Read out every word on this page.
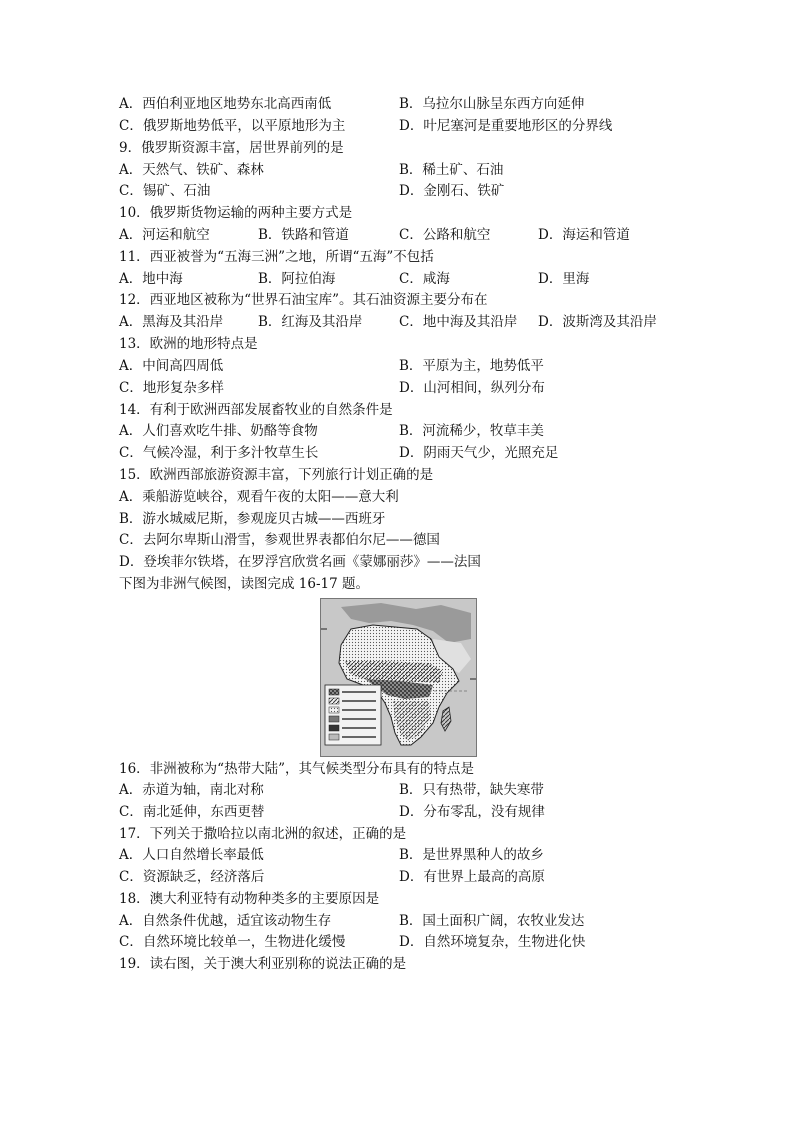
A．西伯利亚地区地势东北高西南低	B．乌拉尔山脉呈东西方向延伸
C．俄罗斯地势低平，以平原地形为主	D．叶尼塞河是重要地形区的分界线
9．俄罗斯资源丰富，居世界前列的是
A．天然气、铁矿、森林	B．稀土矿、石油
C．锡矿、石油	D．金刚石、铁矿
10．俄罗斯货物运输的两种主要方式是
A．河运和航空	B．铁路和管道	C．公路和航空	D．海运和管道
11．西亚被誉为“五海三洲”之地，所谓“五海”不包括
A．地中海	B．阿拉伯海	C．咸海	D．里海
12．西亚地区被称为“世界石油宝库”。其石油资源主要分布在
A．黑海及其沿岸	B．红海及其沿岸	C．地中海及其沿岸 D．波斯湾及其沿岸
13．欧洲的地形特点是
A．中间高四周低	B．平原为主，地势低平
C．地形复杂多样	D．山河相间，纵列分布
14．有利于欧洲西部发展畜牧业的自然条件是
A．人们喜欢吃牛排、奶酪等食物	B．河流稀少，牧草丰美
C．气候冷湿，利于多汁牧草生长	D．阴雨天气少，光照充足
15．欧洲西部旅游资源丰富，下列旅行计划正确的是
A．乘船游览峡谷，观看午夜的太阳——意大利
B．游水城威尼斯，参观庞贝古城——西班牙
C．去阿尔卑斯山滑雪，参观世界表都伯尔尼——德国
D．登埃菲尔铁塔，在罗浮宫欣赏名画《蒙娜丽莎》——法国
下图为非洲气候图，读图完成 16-17 题。
16．非洲被称为“热带大陆”，其气候类型分布具有的特点是
A．赤道为轴，南北对称	B．只有热带，缺失寒带
C．南北延伸，东西更替	D．分布零乱，没有规律
17．下列关于撒哈拉以南北洲的叙述，正确的是
A．人口自然增长率最低	B．是世界黑种人的故乡
C．资源缺乏，经济落后	D．有世界上最高的高原
18．澳大利亚特有动物种类多的主要原因是
A．自然条件优越，适宜该动物生存	B．国土面积广阔，农牧业发达
C．自然环境比较单一，生物进化缓慢	D．自然环境复杂，生物进化快
19．读右图，关于澳大利亚别称的说法正确的是
